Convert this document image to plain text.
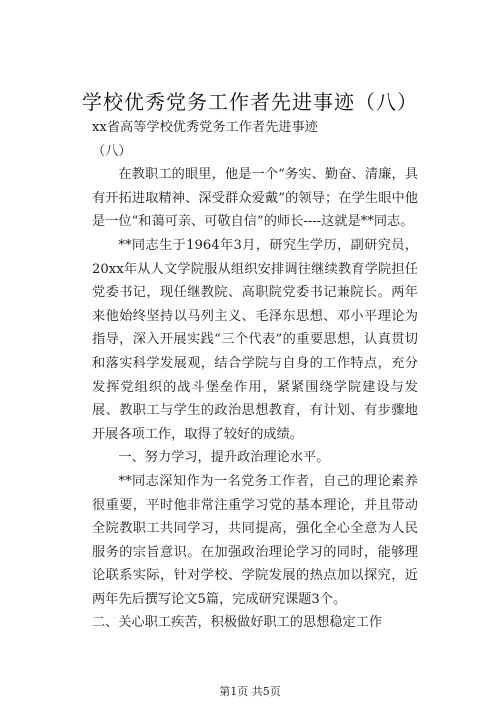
学校优秀党务工作者先进事迹（八）

xx省高等学校优秀党务工作者先进事迹

（八）

在教职工的眼里，他是一个“务实、勤奋、清廉，具有开拓进取精神、深受群众爱戴”的领导；在学生眼中他是一位“和蔼可亲、可敬自信”的师长----这就是**同志。

**同志生于1964年3月，研究生学历，副研究员，20xx年从人文学院服从组织安排调往继续教育学院担任党委书记，现任继教院、高职院党委书记兼院长。两年来他始终坚持以马列主义、毛泽东思想、邓小平理论为指导，深入开展实践“三个代表”的重要思想，认真贯切和落实科学发展观，结合学院与自身的工作特点，充分发挥党组织的战斗堡垒作用，紧紧围绕学院建设与发展、教职工与学生的政治思想教育，有计划、有步骤地开展各项工作，取得了较好的成绩。

一、努力学习，提升政治理论水平。

**同志深知作为一名党务工作者，自己的理论素养很重要，平时他非常注重学习党的基本理论，并且带动全院教职工共同学习，共同提高，强化全心全意为人民服务的宗旨意识。在加强政治理论学习的同时，能够理论联系实际，针对学校、学院发展的热点加以探究，近两年先后撰写论文5篇，完成研究课题3个。

二、关心职工疾苦，积极做好职工的思想稳定工作

第1页 共5页
